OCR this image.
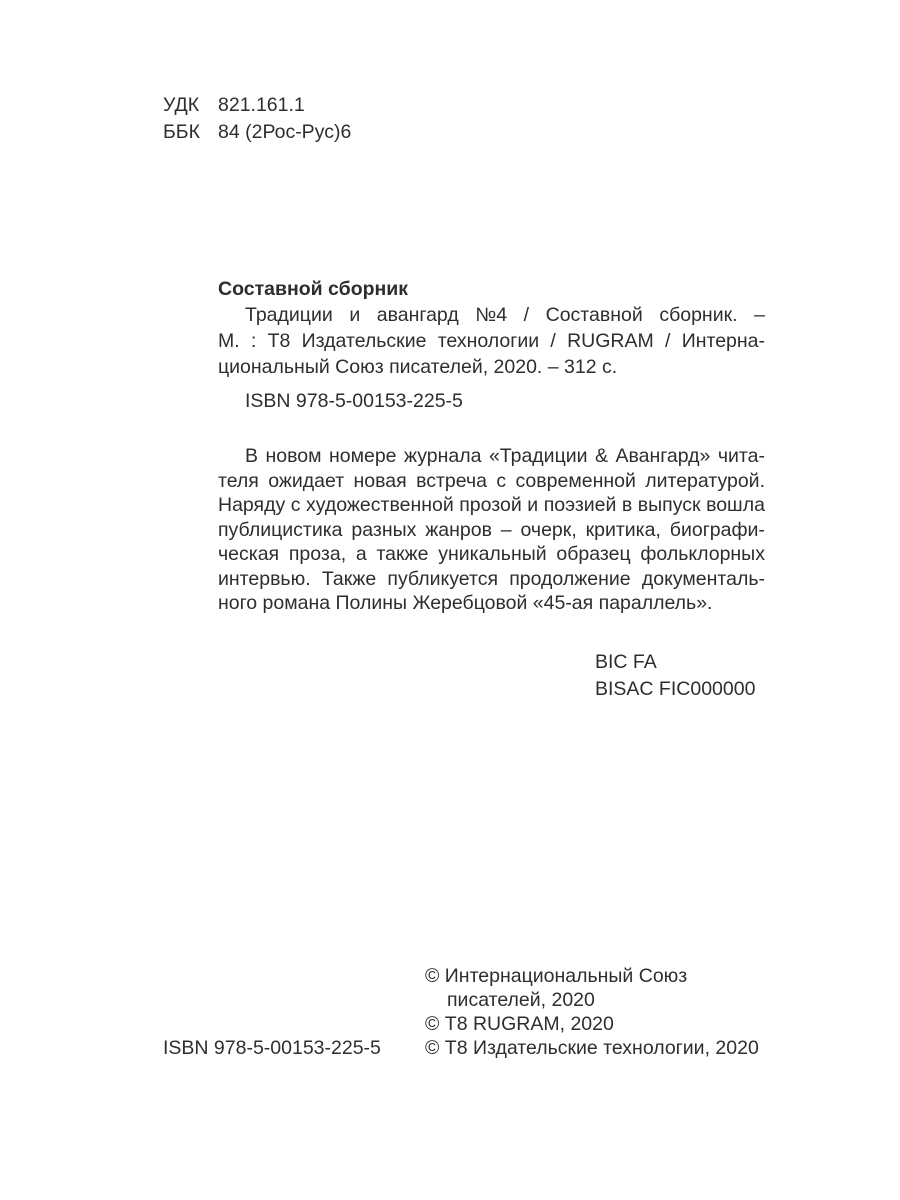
УДК 821.161.1
ББК 84 (2Рос-Рус)6
Составной сборник
Традиции и авангард №4 / Составной сборник. –
М. : Т8 Издательские технологии / RUGRAM / Интерна-
циональный Союз писателей, 2020. – 312 с.
ISBN 978-5-00153-225-5
В новом номере журнала «Традиции & Авангард» чита-
теля ожидает новая встреча с современной литературой.
Наряду с художественной прозой и поэзией в выпуск вошла
публицистика разных жанров – очерк, критика, биографи-
ческая проза, а также уникальный образец фольклорных
интервью. Также публикуется продолжение документаль-
ного романа Полины Жеребцовой «45-ая параллель».
BIC FA
BISAC FIC000000
ISBN 978-5-00153-225-5
© Интернациональный Союз
писателей, 2020
© Т8 RUGRAM, 2020
© Т8 Издательские технологии, 2020
